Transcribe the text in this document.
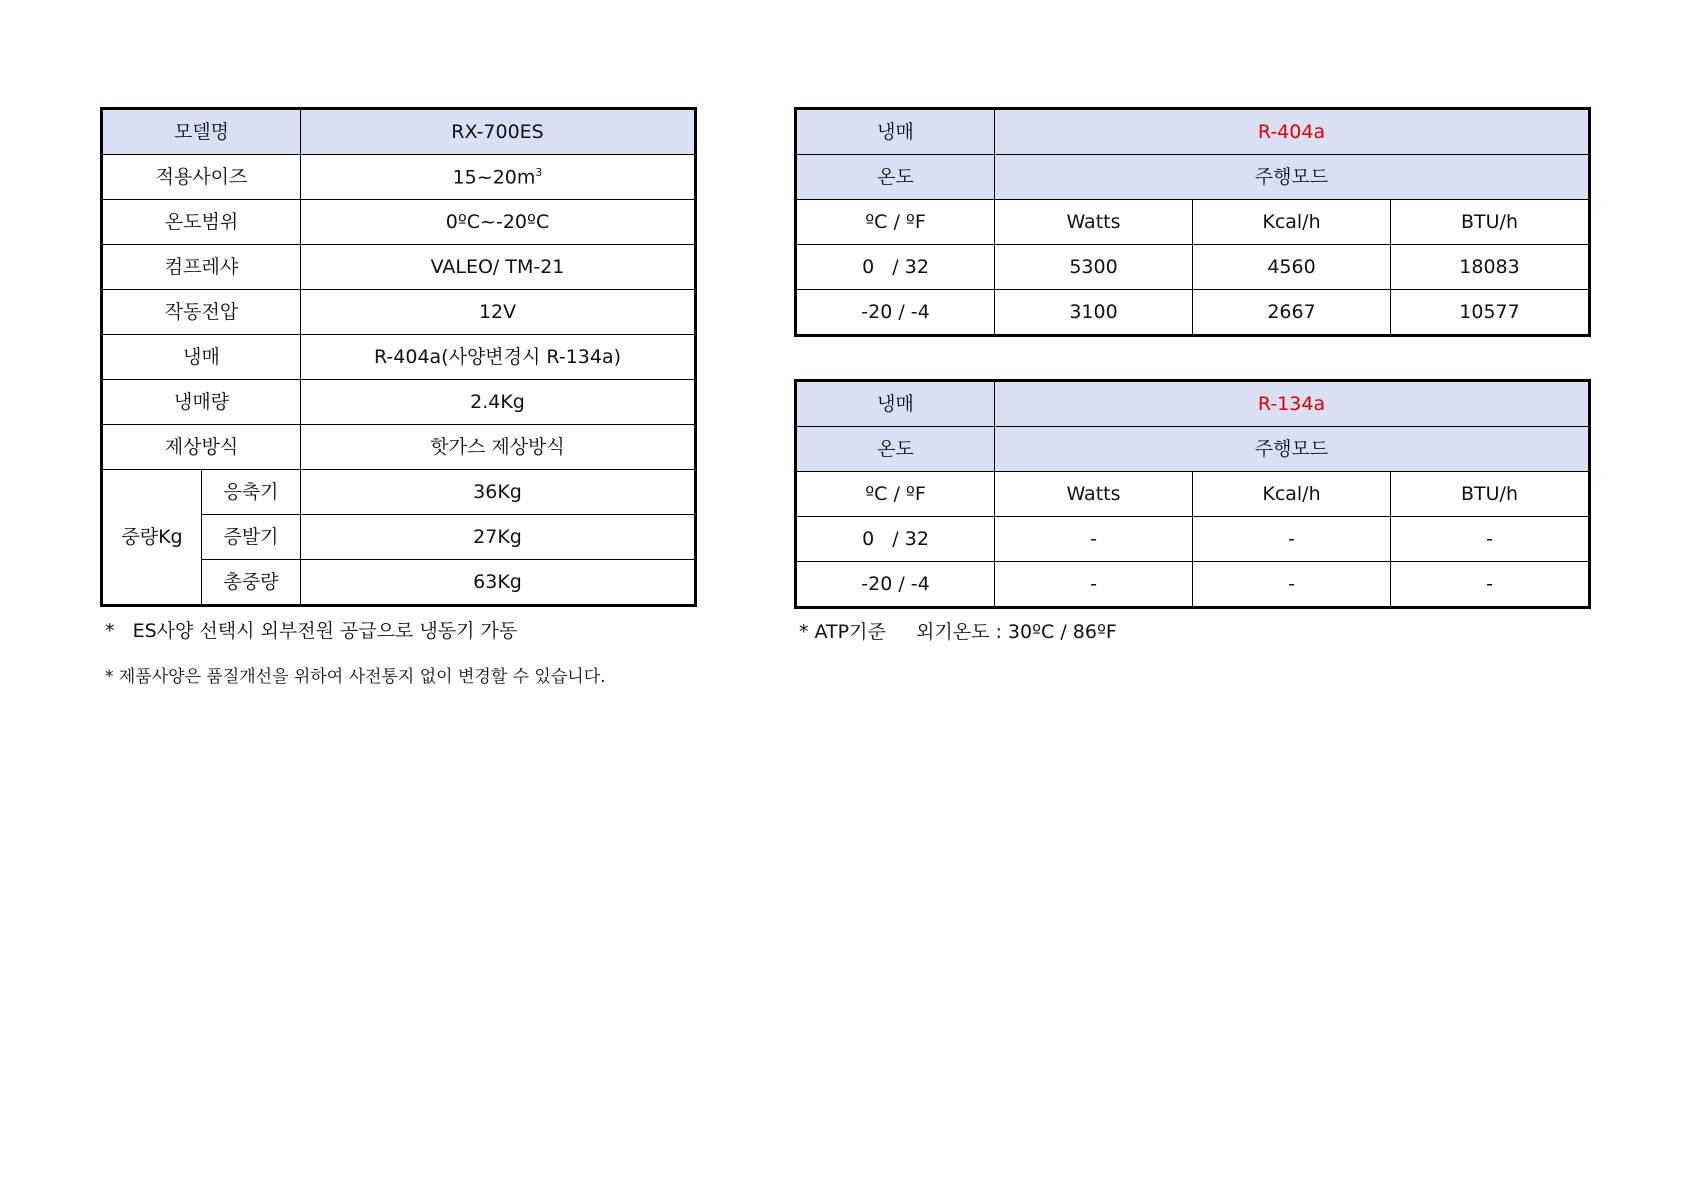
모델명		RX-700ES
적용사이즈		$15\sim 20m^3$
온도범위		0ºC~-20ºC
컴프레샤		VALEO/ TM-21
작동전압		12V
냉매		R-404a(사양변경시 R-134a)
냉매량		2.4Kg
제상방식		핫가스 제상방식
중량Kg	응축기	36Kg
	증발기	27Kg
	총중량	63Kg
냉매	R-404a		
온도	주행모드		
ºC / ºF	Watts	Kcal/h	BTU/h
0   / 32	5300	4560	18083
-20 / -4	3100	2667	10577
냉매	R-134a		
온도	주행모드		
ºC / ºF	Watts	Kcal/h	BTU/h
0   / 32	-	-	-
-20 / -4	-	-	-
*   ES사양 선택시 외부전원 공급으로 냉동기 가동
* 제품사양은 품질개선을 위하여 사전통지 없이 변경할 수 있습니다.
* ATP기준     외기온도 : 30ºC / 86ºF
